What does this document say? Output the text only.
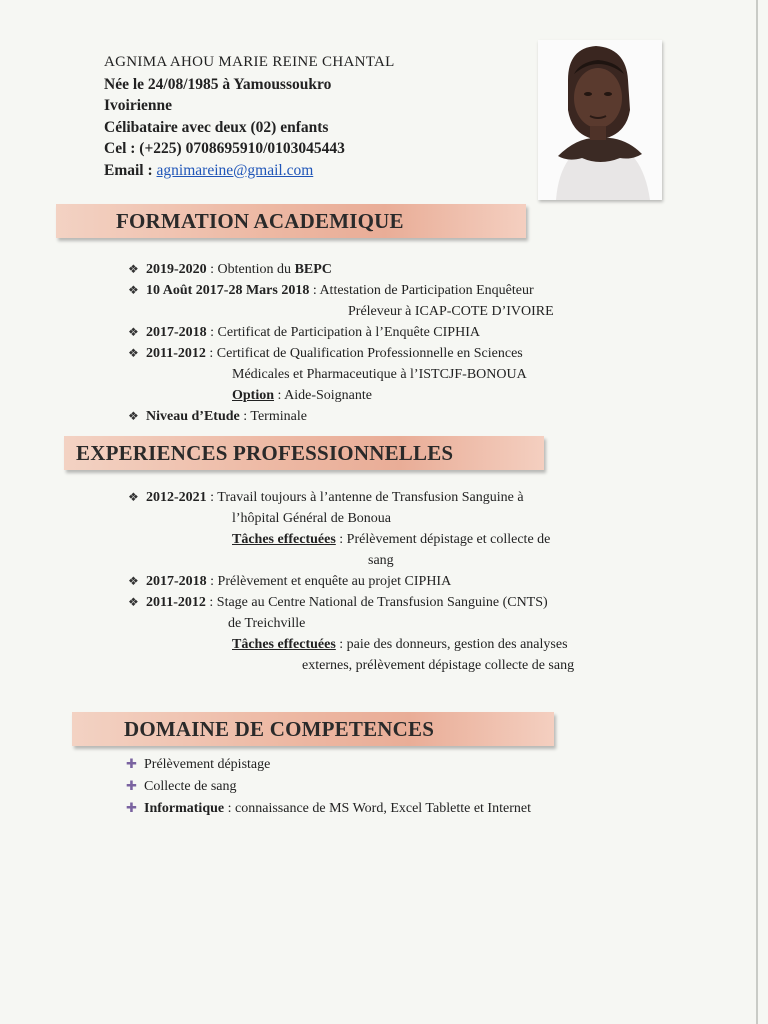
AGNIMA AHOU MARIE REINE CHANTAL
Née le 24/08/1985 à Yamoussoukro
Ivoirienne
Célibataire avec deux (02) enfants
Cel : (+225) 0708695910/0103045443
Email : agnimareine@gmail.com
FORMATION ACADEMIQUE
❖ 2019-2020 : Obtention du BEPC
❖ 10 Août 2017-28 Mars 2018 : Attestation de Participation Enquêteur
Préleveur à ICAP-COTE D’IVOIRE
❖ 2017-2018 : Certificat de Participation à l’Enquête CIPHIA
❖ 2011-2012 : Certificat de Qualification Professionnelle en Sciences
Médicales et Pharmaceutique à l’ISTCJF-BONOUA
Option : Aide-Soignante
❖ Niveau d’Etude : Terminale
EXPERIENCES PROFESSIONNELLES
❖ 2012-2021 : Travail toujours à l’antenne de Transfusion Sanguine à
l’hôpital Général de Bonoua
Tâches effectuées : Prélèvement dépistage et collecte de
sang
❖ 2017-2018 : Prélèvement et enquête au projet CIPHIA
❖ 2011-2012 : Stage au Centre National de Transfusion Sanguine (CNTS)
de Treichville
Tâches effectuées : paie des donneurs, gestion des analyses
externes, prélèvement dépistage collecte de sang
DOMAINE DE COMPETENCES
✚Prélèvement dépistage
✚Collecte de sang
✚Informatique : connaissance de MS Word, Excel Tablette et Internet
